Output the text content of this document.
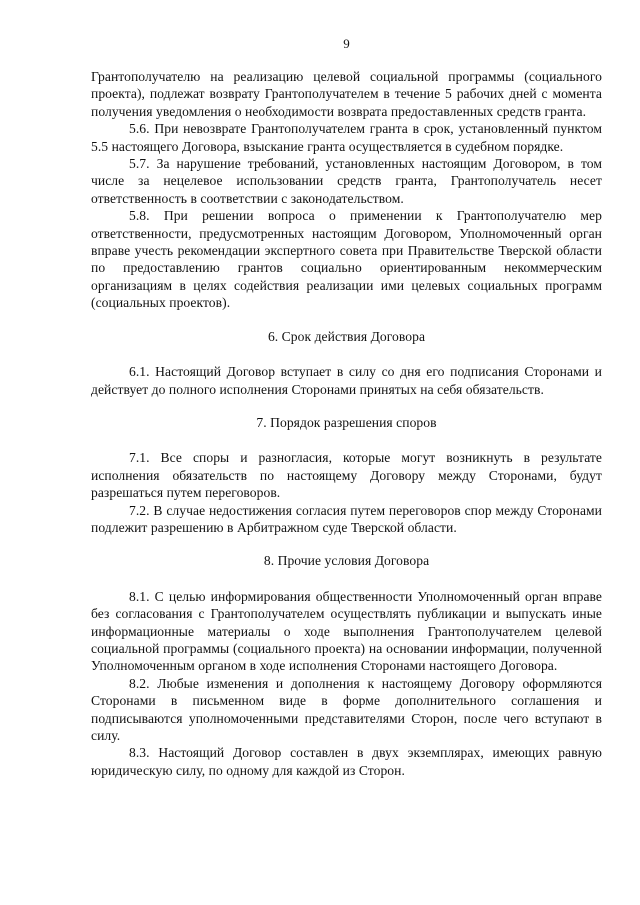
9

Грантополучателю на реализацию целевой социальной программы (социального проекта), подлежат возврату Грантополучателем в течение 5 рабочих дней с момента получения уведомления о необходимости возврата предоставленных средств гранта.

5.6. При невозврате Грантополучателем гранта в срок, установленный пунктом 5.5 настоящего Договора, взыскание гранта осуществляется в судебном порядке.

5.7. За нарушение требований, установленных настоящим Договором, в том числе за нецелевое использовании средств гранта, Грантополучатель несет ответственность в соответствии с законодательством.

5.8. При решении вопроса о применении к Грантополучателю мер ответственности, предусмотренных настоящим Договором, Уполномоченный орган вправе учесть рекомендации экспертного совета при Правительстве Тверской области по предоставлению грантов социально ориентированным некоммерческим организациям в целях содействия реализации ими целевых социальных программ (социальных проектов).

6. Срок действия Договора

6.1. Настоящий Договор вступает в силу со дня его подписания Сторонами и действует до полного исполнения Сторонами принятых на себя обязательств.

7. Порядок разрешения споров

7.1. Все споры и разногласия, которые могут возникнуть в результате исполнения обязательств по настоящему Договору между Сторонами, будут разрешаться путем переговоров.

7.2. В случае недостижения согласия путем переговоров спор между Сторонами подлежит разрешению в Арбитражном суде Тверской области.

8. Прочие условия Договора

8.1. С целью информирования общественности Уполномоченный орган вправе без согласования с Грантополучателем осуществлять публикации и выпускать иные информационные материалы о ходе выполнения Грантополучателем целевой социальной программы (социального проекта) на основании информации, полученной Уполномоченным органом в ходе исполнения Сторонами настоящего Договора.

8.2. Любые изменения и дополнения к настоящему Договору оформляются Сторонами в письменном виде в форме дополнительного соглашения и подписываются уполномоченными представителями Сторон, после чего вступают в силу.

8.3. Настоящий Договор составлен в двух экземплярах, имеющих равную юридическую силу, по одному для каждой из Сторон.
